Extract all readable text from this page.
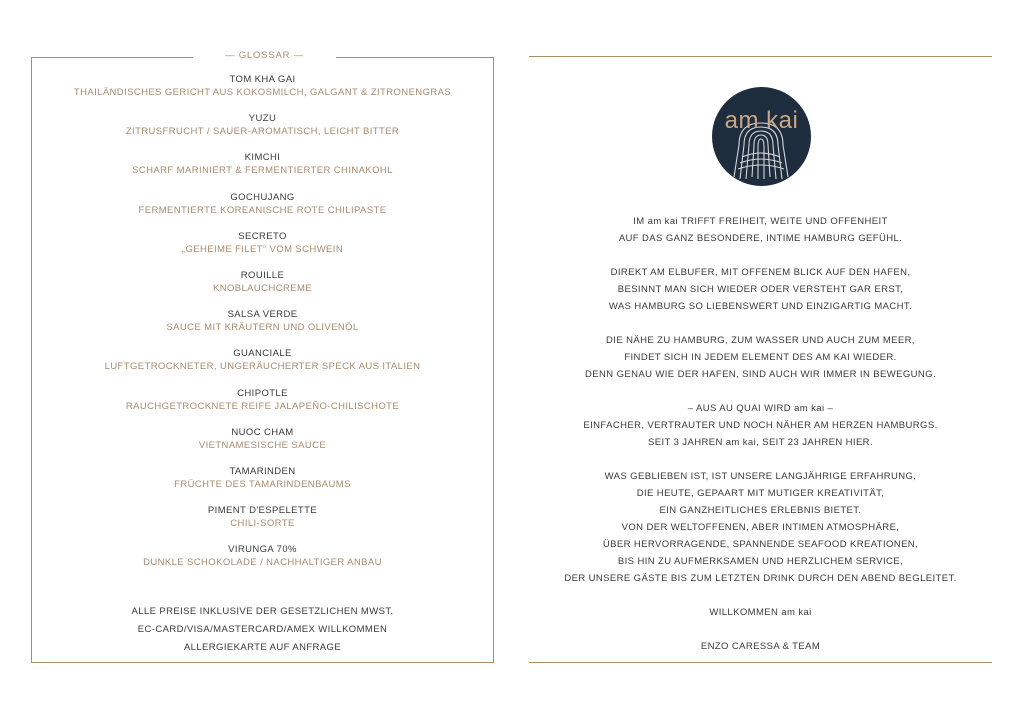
— GLOSSAR —
TOM KHA GAI
THAILÄNDISCHES GERICHT AUS KOKOSMILCH, GALGANT & ZITRONENGRAS
YUZU
ZITRUSFRUCHT / SAUER-AROMATISCH, LEICHT BITTER
KIMCHI
SCHARF MARINIERT & FERMENTIERTER CHINAKOHL
GOCHUJANG
FERMENTIERTE KOREANISCHE ROTE CHILIPASTE
SECRETO
„GEHEIME FILET“ VOM SCHWEIN
ROUILLE
KNOBLAUCHCREME
SALSA VERDE
SAUCE MIT KRÄUTERN UND OLIVENÖL
GUANCIALE
LUFTGETROCKNETER, UNGERÄUCHERTER SPECK AUS ITALIEN
CHIPOTLE
RAUCHGETROCKNETE REIFE JALAPEÑO-CHILISCHOTE
NUOC CHAM
VIETNAMESISCHE SAUCE
TAMARINDEN
FRÜCHTE DES TAMARINDENBAUMS
PIMENT D'ESPELETTE
CHILI-SORTE
VIRUNGA 70%
DUNKLE SCHOKOLADE / NACHHALTIGER ANBAU
ALLE PREISE INKLUSIVE DER GESETZLICHEN MWST.
EC-CARD/VISA/MASTERCARD/AMEX WILLKOMMEN
ALLERGIEKARTE AUF ANFRAGE
am kai
IM am kai TRIFFT FREIHEIT, WEITE UND OFFENHEIT
AUF DAS GANZ BESONDERE, INTIME HAMBURG GEFÜHL.
DIREKT AM ELBUFER, MIT OFFENEM BLICK AUF DEN HAFEN,
BESINNT MAN SICH WIEDER ODER VERSTEHT GAR ERST,
WAS HAMBURG SO LIEBENSWERT UND EINZIGARTIG MACHT.
DIE NÄHE ZU HAMBURG, ZUM WASSER UND AUCH ZUM MEER,
FINDET SICH IN JEDEM ELEMENT DES AM KAI WIEDER.
DENN GENAU WIE DER HAFEN, SIND AUCH WIR IMMER IN BEWEGUNG.
– AUS AU QUAI WIRD am kai –
EINFACHER, VERTRAUTER UND NOCH NÄHER AM HERZEN HAMBURGS.
SEIT 3 JAHREN am kai, SEIT 23 JAHREN HIER.
WAS GEBLIEBEN IST, IST UNSERE LANGJÄHRIGE ERFAHRUNG,
DIE HEUTE, GEPAART MIT MUTIGER KREATIVITÄT,
EIN GANZHEITLICHES ERLEBNIS BIETET.
VON DER WELTOFFENEN, ABER INTIMEN ATMOSPHÄRE,
ÜBER HERVORRAGENDE, SPANNENDE SEAFOOD KREATIONEN,
BIS HIN ZU AUFMERKSAMEN UND HERZLICHEM SERVICE,
DER UNSERE GÄSTE BIS ZUM LETZTEN DRINK DURCH DEN ABEND BEGLEITET.
WILLKOMMEN am kai
ENZO CARESSA & TEAM
